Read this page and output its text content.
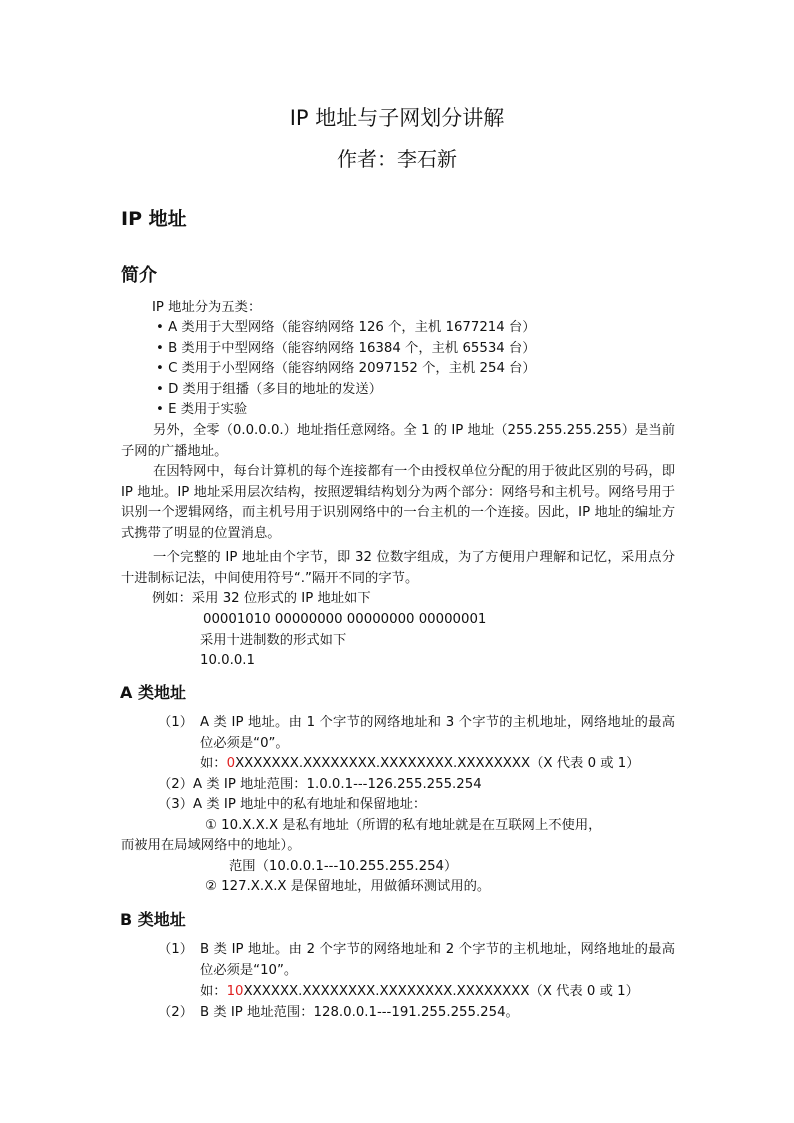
IP 地址与子网划分讲解
作者：李石新
IP 地址
简介
IP 地址分为五类：
• A 类用于大型网络（能容纳网络 126 个，主机 1677214 台）
• B 类用于中型网络（能容纳网络 16384 个，主机 65534 台）
• C 类用于小型网络（能容纳网络 2097152 个，主机 254 台）
• D 类用于组播（多目的地址的发送）
• E 类用于实验
另外，全零（0.0.0.0.）地址指任意网络。全 1 的 IP 地址（255.255.255.255）是当前子网的广播地址。
在因特网中，每台计算机的每个连接都有一个由授权单位分配的用于彼此区别的号码，即 IP 地址。IP 地址采用层次结构，按照逻辑结构划分为两个部分：网络号和主机号。网络号用于识别一个逻辑网络，而主机号用于识别网络中的一台主机的一个连接。因此，IP 地址的编址方式携带了明显的位置消息。
一个完整的 IP 地址由个字节，即 32 位数字组成，为了方便用户理解和记忆，采用点分十进制标记法，中间使用符号“.”隔开不同的字节。
例如：采用 32 位形式的 IP 地址如下
00001010 00000000 00000000 00000001
采用十进制数的形式如下
10.0.0.1
A 类地址
（1） A 类 IP 地址。由 1 个字节的网络地址和 3 个字节的主机地址，网络地址的最高位必须是“0”。
如：0XXXXXXX.XXXXXXXX.XXXXXXXX.XXXXXXXX（X 代表 0 或 1）
（2）A 类 IP 地址范围：1.0.0.1---126.255.255.254
（3）A 类 IP 地址中的私有地址和保留地址：
① 10.X.X.X 是私有地址（所谓的私有地址就是在互联网上不使用，
而被用在局域网络中的地址）。
范围（10.0.0.1---10.255.255.254）
② 127.X.X.X 是保留地址，用做循环测试用的。
B 类地址
（1） B 类 IP 地址。由 2 个字节的网络地址和 2 个字节的主机地址，网络地址的最高位必须是“10”。
如：10XXXXXX.XXXXXXXX.XXXXXXXX.XXXXXXXX（X 代表 0 或 1）
（2） B 类 IP 地址范围：128.0.0.1---191.255.255.254。
